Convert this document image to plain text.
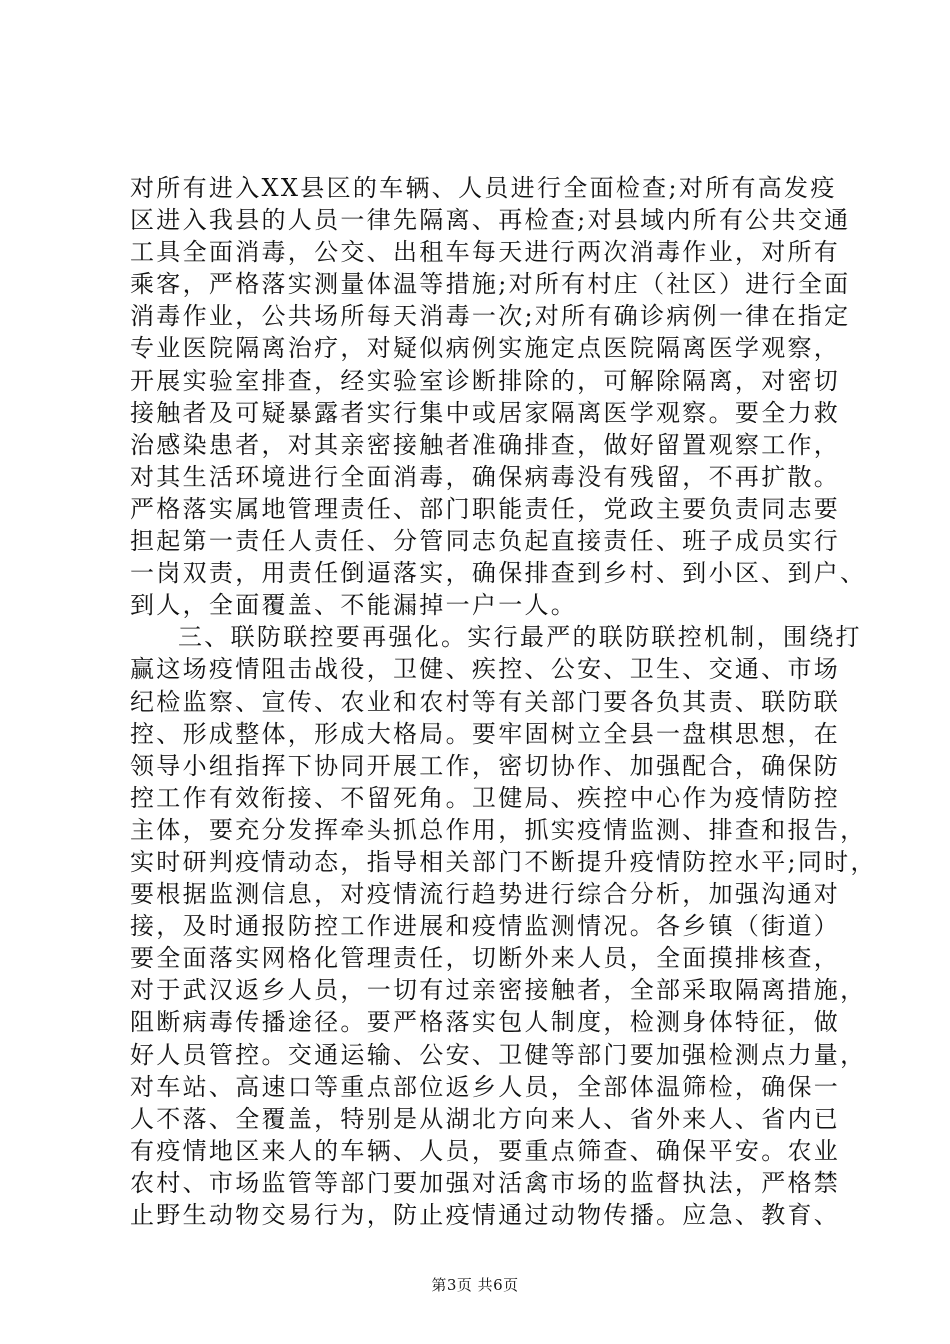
对所有进入XX县区的车辆、人员进行全面检查;对所有高发疫
区进入我县的人员一律先隔离、再检查;对县域内所有公共交通
工具全面消毒，公交、出租车每天进行两次消毒作业，对所有
乘客，严格落实测量体温等措施;对所有村庄（社区）进行全面
消毒作业，公共场所每天消毒一次;对所有确诊病例一律在指定
专业医院隔离治疗，对疑似病例实施定点医院隔离医学观察，
开展实验室排查，经实验室诊断排除的，可解除隔离，对密切
接触者及可疑暴露者实行集中或居家隔离医学观察。要全力救
治感染患者，对其亲密接触者准确排查，做好留置观察工作，
对其生活环境进行全面消毒，确保病毒没有残留，不再扩散。
严格落实属地管理责任、部门职能责任，党政主要负责同志要
担起第一责任人责任、分管同志负起直接责任、班子成员实行
一岗双责，用责任倒逼落实，确保排查到乡村、到小区、到户、
到人，全面覆盖、不能漏掉一户一人。
三、联防联控要再强化。实行最严的联防联控机制，围绕打
赢这场疫情阻击战役，卫健、疾控、公安、卫生、交通、市场
纪检监察、宣传、农业和农村等有关部门要各负其责、联防联
控、形成整体，形成大格局。要牢固树立全县一盘棋思想，在
领导小组指挥下协同开展工作，密切协作、加强配合，确保防
控工作有效衔接、不留死角。卫健局、疾控中心作为疫情防控
主体，要充分发挥牵头抓总作用，抓实疫情监测、排查和报告，
实时研判疫情动态，指导相关部门不断提升疫情防控水平;同时，
要根据监测信息，对疫情流行趋势进行综合分析，加强沟通对
接，及时通报防控工作进展和疫情监测情况。各乡镇（街道）
要全面落实网格化管理责任，切断外来人员，全面摸排核查，
对于武汉返乡人员，一切有过亲密接触者，全部采取隔离措施，
阻断病毒传播途径。要严格落实包人制度，检测身体特征，做
好人员管控。交通运输、公安、卫健等部门要加强检测点力量，
对车站、高速口等重点部位返乡人员，全部体温筛检，确保一
人不落、全覆盖，特别是从湖北方向来人、省外来人、省内已
有疫情地区来人的车辆、人员，要重点筛查、确保平安。农业
农村、市场监管等部门要加强对活禽市场的监督执法，严格禁
止野生动物交易行为，防止疫情通过动物传播。应急、教育、
第3页 共6页
